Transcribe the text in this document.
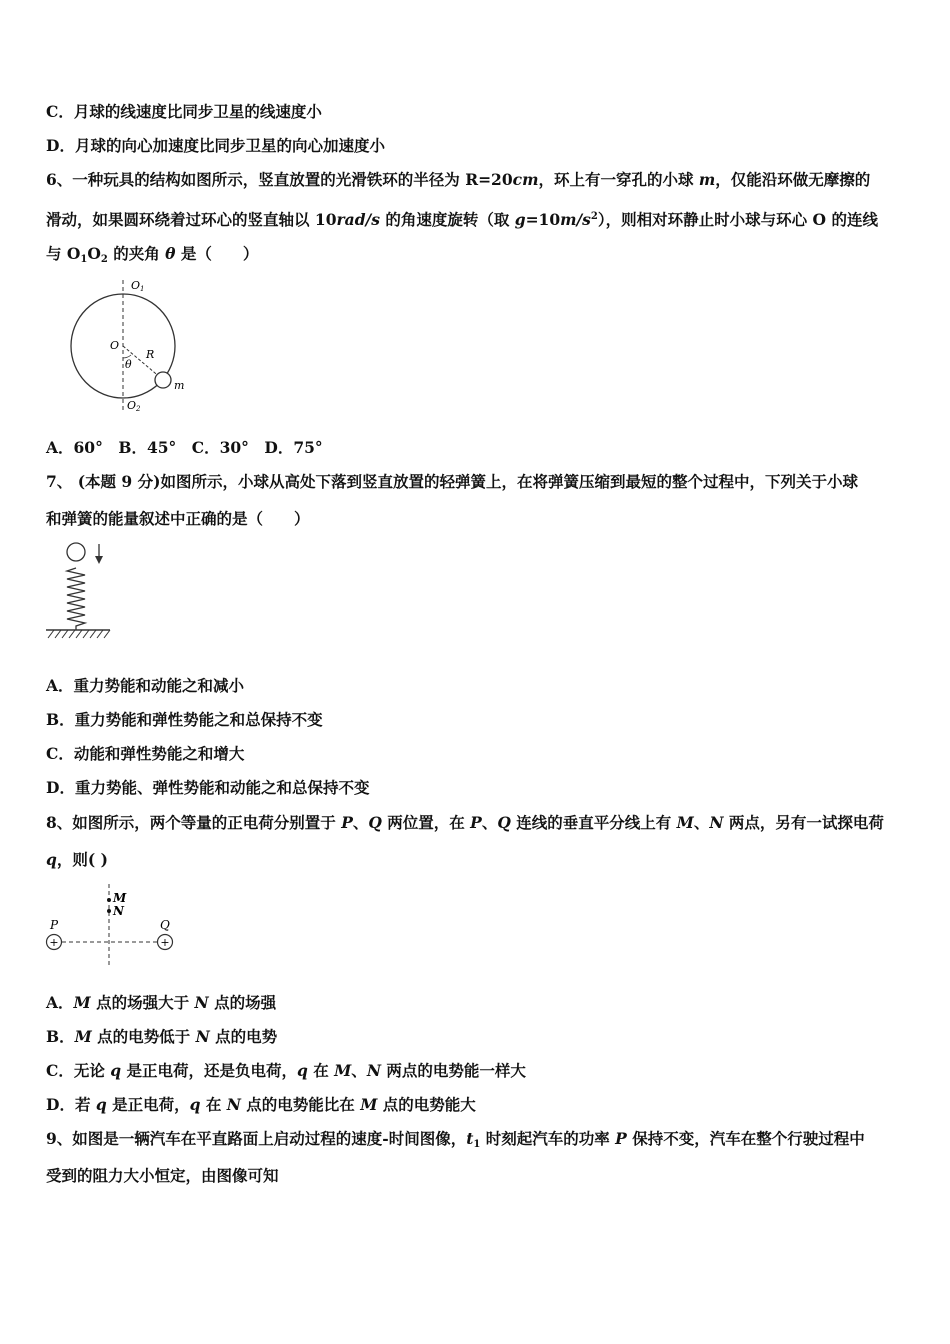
C．月球的线速度比同步卫星的线速度小
D．月球的向心加速度比同步卫星的向心加速度小
6、一种玩具的结构如图所示，竖直放置的光滑铁环的半径为 R=20cm，环上有一穿孔的小球 m，仅能沿环做无摩擦的
滑动，如果圆环绕着过环心的竖直轴以 10rad/s 的角速度旋转（取 $g=10m/s^2$），则相对环静止时小球与环心 O 的连线
与 $O_1O_2$ 的夹角 θ 是（　　）
O1
O
R
θ
m
O2
A．60°　B．45°　C．30°　D．75°
7、 (本题 9 分)如图所示，小球从高处下落到竖直放置的轻弹簧上，在将弹簧压缩到最短的整个过程中，下列关于小球
和弹簧的能量叙述中正确的是（　　）
A．重力势能和动能之和减小
B．重力势能和弹性势能之和总保持不变
C．动能和弹性势能之和增大
D．重力势能、弹性势能和动能之和总保持不变
8、如图所示，两个等量的正电荷分别置于 P、Q 两位置，在 P、Q 连线的垂直平分线上有 M、N 两点，另有一试探电荷
q，则( )
M
N
+	+
P	Q
A．M 点的场强大于 N 点的场强
B．M 点的电势低于 N 点的电势
C．无论 q 是正电荷，还是负电荷，q 在 M、N 两点的电势能一样大
D．若 q 是正电荷，q 在 N 点的电势能比在 M 点的电势能大
9、如图是一辆汽车在平直路面上启动过程的速度-时间图像，$t_1$ 时刻起汽车的功率 P 保持不变，汽车在整个行驶过程中
受到的阻力大小恒定，由图像可知
